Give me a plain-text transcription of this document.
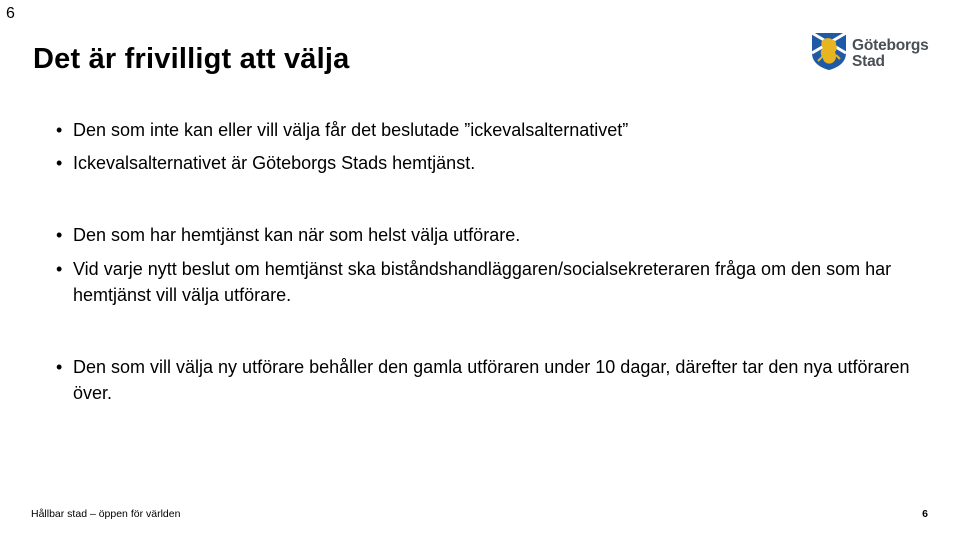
6
Det är frivilligt att välja	Göteborgs
Stad
• Den som inte kan eller vill välja får det beslutade ”ickevalsalternativet”
• Ickevalsalternativet är Göteborgs Stads hemtjänst.
• Den som har hemtjänst kan när som helst välja utförare.
• Vid varje nytt beslut om hemtjänst ska biståndshandläggaren/socialsekreteraren fråga om den som har hemtjänst vill välja utförare.
• Den som vill välja ny utförare behåller den gamla utföraren under 10 dagar, därefter tar den nya utföraren över.
Hållbar stad – öppen för världen	6
